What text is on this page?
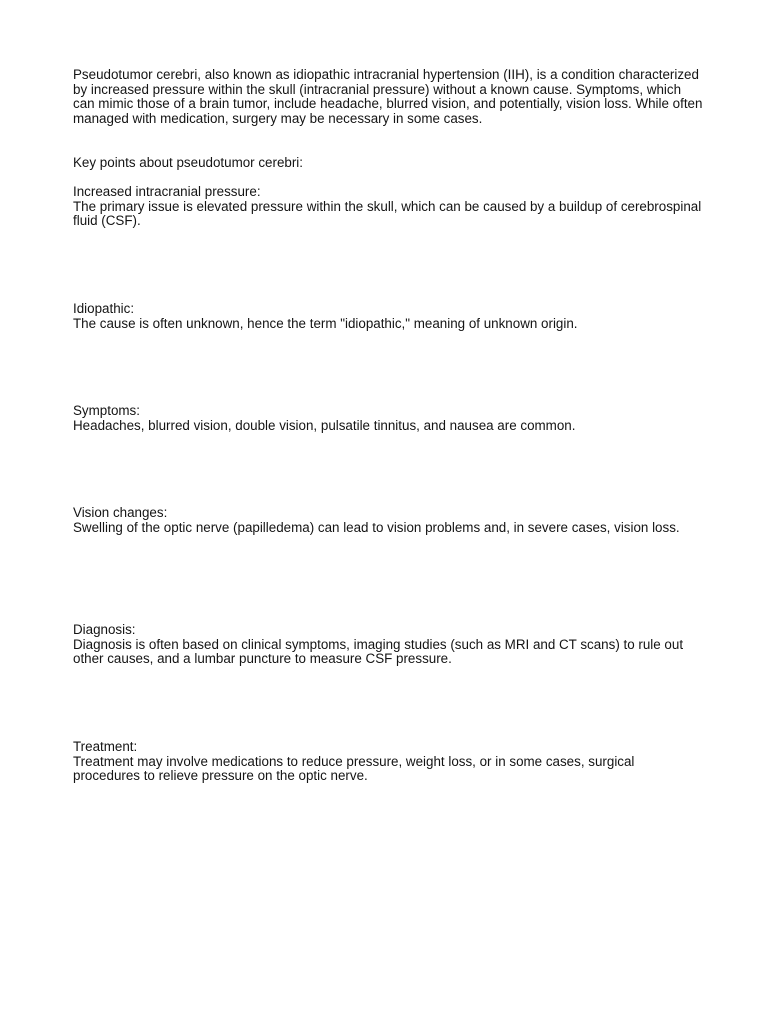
Pseudotumor cerebri, also known as idiopathic intracranial hypertension (IIH), is a condition characterized by increased pressure within the skull (intracranial pressure) without a known cause. Symptoms, which can mimic those of a brain tumor, include headache, blurred vision, and potentially, vision loss. While often managed with medication, surgery may be necessary in some cases.

Key points about pseudotumor cerebri:

Increased intracranial pressure:

The primary issue is elevated pressure within the skull, which can be caused by a buildup of cerebrospinal fluid (CSF).

Idiopathic:

The cause is often unknown, hence the term "idiopathic," meaning of unknown origin.

Symptoms:

Headaches, blurred vision, double vision, pulsatile tinnitus, and nausea are common.

Vision changes:

Swelling of the optic nerve (papilledema) can lead to vision problems and, in severe cases, vision loss.

Diagnosis:

Diagnosis is often based on clinical symptoms, imaging studies (such as MRI and CT scans) to rule out other causes, and a lumbar puncture to measure CSF pressure.

Treatment:

Treatment may involve medications to reduce pressure, weight loss, or in some cases, surgical procedures to relieve pressure on the optic nerve.
